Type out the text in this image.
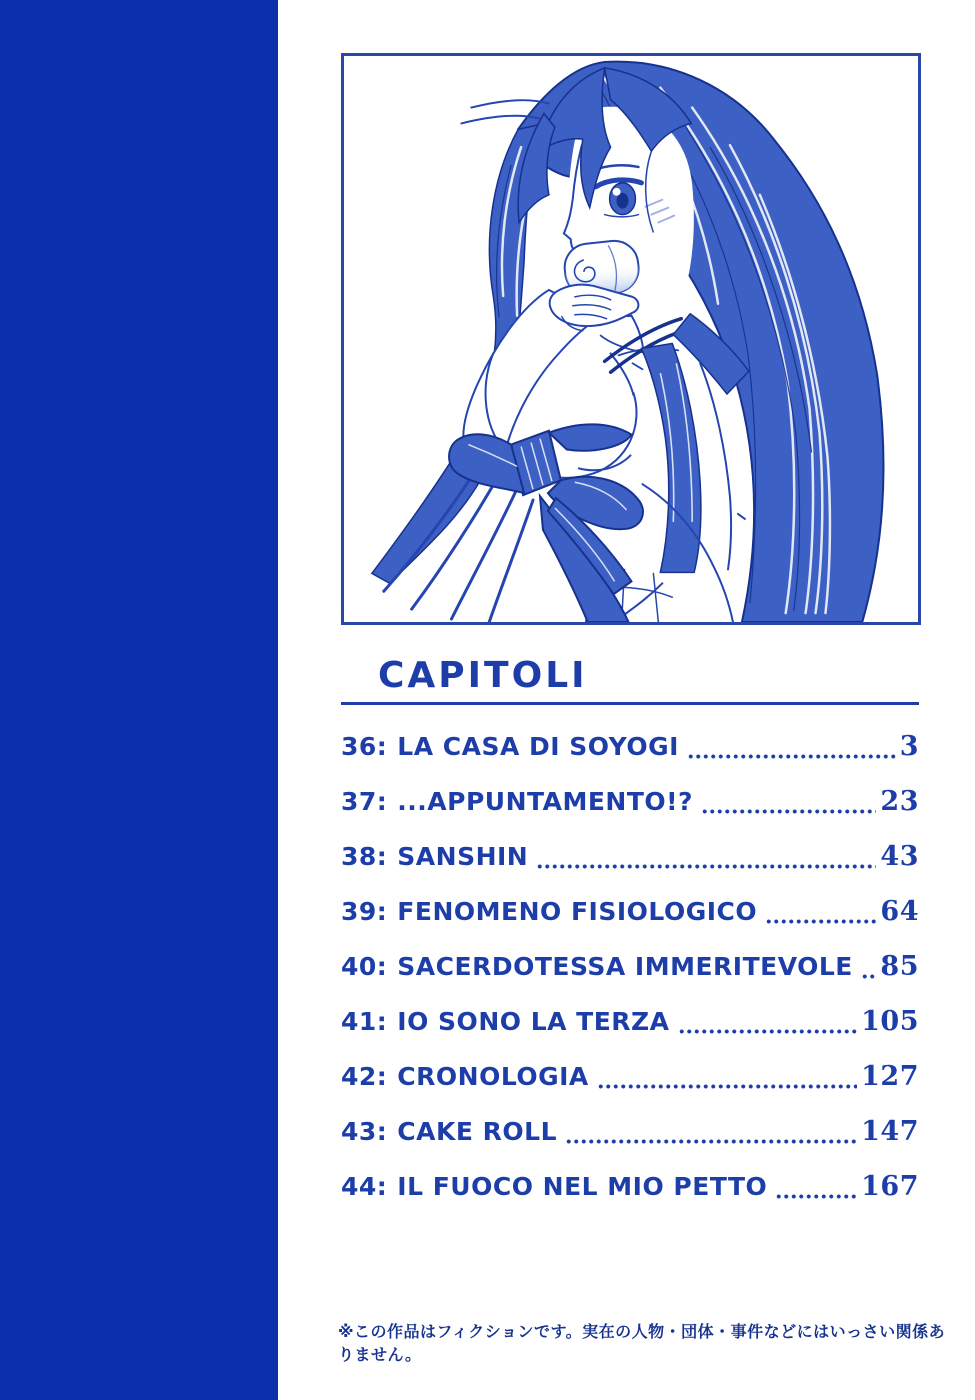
CAPITOLI
36: LA CASA DI SOYOGI	3
37: ...APPUNTAMENTO!?	23
38: SANSHIN	43
39: FENOMENO FISIOLOGICO	64
40: SACERDOTESSA IMMERITEVOLE 85
41: IO SONO LA TERZA	105
42: CRONOLOGIA	127
43: CAKE ROLL	147
44: IL FUOCO NEL MIO PETTO	167
※この作品はフィクションです。実在の人物・団体・事件などにはいっさい関係ありません。
